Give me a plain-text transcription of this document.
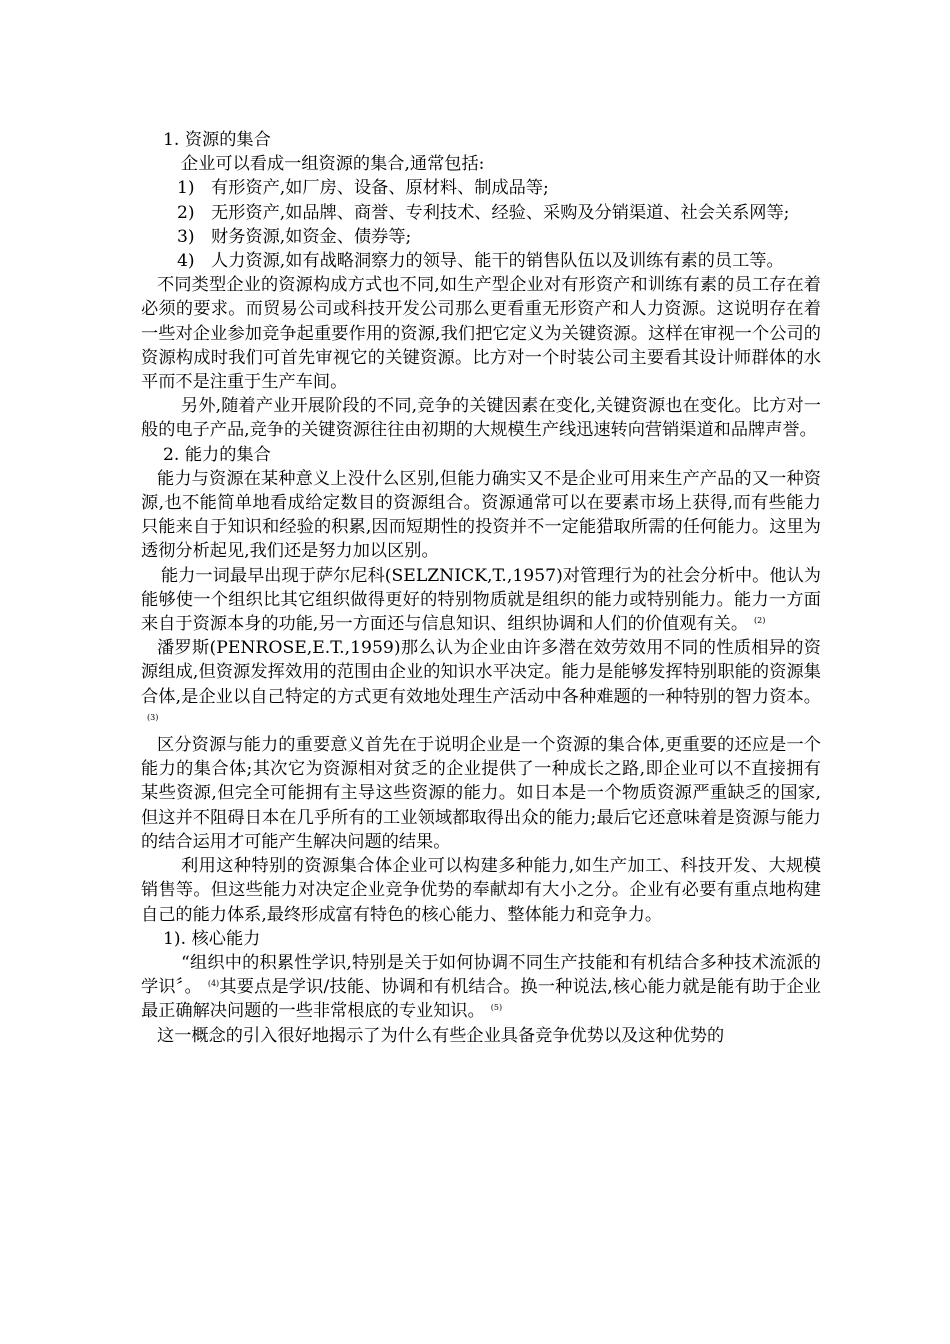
1. 资源的集合

企业可以看成一组资源的集合,通常包括:

1) 有形资产,如厂房、设备、原材料、制成品等;
2) 无形资产,如品牌、商誉、专利技术、经验、采购及分销渠道、社会关系网等;
3) 财务资源,如资金、债券等;
4) 人力资源,如有战略洞察力的领导、能干的销售队伍以及训练有素的员工等。

不同类型企业的资源构成方式也不同,如生产型企业对有形资产和训练有素的员工存在着必须的要求。而贸易公司或科技开发公司那么更看重无形资产和人力资源。这说明存在着一些对企业参加竞争起重要作用的资源,我们把它定义为关键资源。这样在审视一个公司的资源构成时我们可首先审视它的关键资源。比方对一个时装公司主要看其设计师群体的水平而不是注重于生产车间。

另外,随着产业开展阶段的不同,竞争的关键因素在变化,关键资源也在变化。比方对一般的电子产品,竞争的关键资源往往由初期的大规模生产线迅速转向营销渠道和品牌声誉。

2. 能力的集合

能力与资源在某种意义上没什么区别,但能力确实又不是企业可用来生产产品的又一种资源,也不能简单地看成给定数目的资源组合。资源通常可以在要素市场上获得,而有些能力只能来自于知识和经验的积累,因而短期性的投资并不一定能猎取所需的任何能力。这里为透彻分析起见,我们还是努力加以区别。

能力一词最早出现于萨尔尼科(SELZNICK,T.,1957)对管理行为的社会分析中。他认为能够使一个组织比其它组织做得更好的特别物质就是组织的能力或特别能力。能力一方面来自于资源本身的功能,另一方面还与信息知识、组织协调和人们的价值观有关。 $^{(2)}$

潘罗斯(PENROSE,E.T.,1959)那么认为企业由许多潜在效劳效用不同的性质相异的资源组成,但资源发挥效用的范围由企业的知识水平决定。能力是能够发挥特别职能的资源集合体,是企业以自己特定的方式更有效地处理生产活动中各种难题的一种特别的智力资本。$^{(3)}$

区分资源与能力的重要意义首先在于说明企业是一个资源的集合体,更重要的还应是一个能力的集合体;其次它为资源相对贫乏的企业提供了一种成长之路,即企业可以不直接拥有某些资源,但完全可能拥有主导这些资源的能力。如日本是一个物质资源严重缺乏的国家,但这并不阻碍日本在几乎所有的工业领域都取得出众的能力;最后它还意味着是资源与能力的结合运用才可能产生解决问题的结果。

利用这种特别的资源集合体企业可以构建多种能力,如生产加工、科技开发、大规模销售等。但这些能力对决定企业竞争优势的奉献却有大小之分。企业有必要有重点地构建自己的能力体系,最终形成富有特色的核心能力、整体能力和竞争力。

1). 核心能力

“组织中的积累性学识,特别是关于如何协调不同生产技能和有机结合多种技术流派的学识〞。 $^{(4)}$其要点是学识/技能、协调和有机结合。换一种说法,核心能力就是能有助于企业最正确解决问题的一些非常根底的专业知识。 $^{(5)}$

这一概念的引入很好地揭示了为什么有些企业具备竞争优势以及这种优势的
